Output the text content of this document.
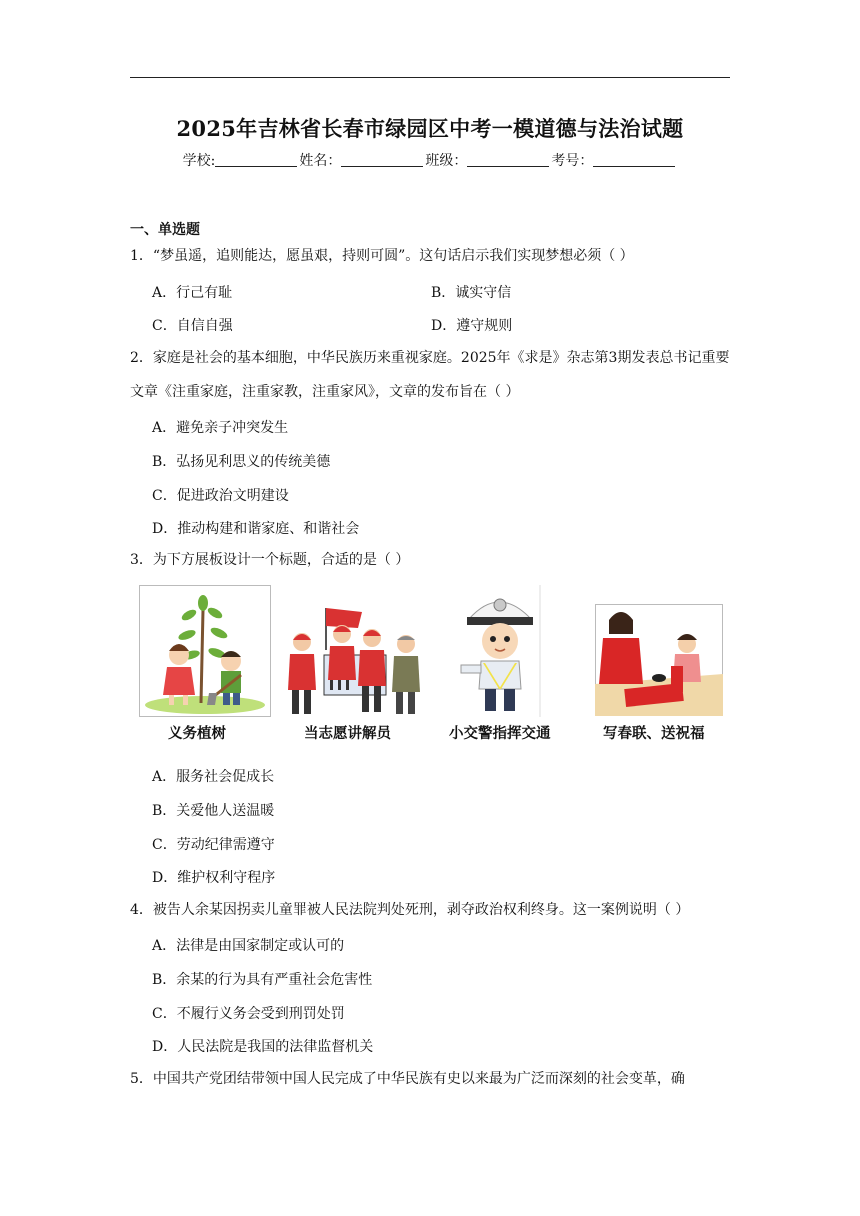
2025年吉林省长春市绿园区中考一模道德与法治试题
学校:	姓名：	班级：	考号：
一、单选题
1．“梦虽遥，追则能达，愿虽艰，持则可圆”。这句话启示我们实现梦想必须（ ）
A．行己有耻	B．诚实守信
C．自信自强	D．遵守规则
2．家庭是社会的基本细胞，中华民族历来重视家庭。2025年《求是》杂志第3期发表总书记重要文章《注重家庭，注重家教，注重家风》，文章的发布旨在（ ）
A．避免亲子冲突发生
B．弘扬见利思义的传统美德
C．促进政治文明建设
D．推动构建和谐家庭、和谐社会
3．为下方展板设计一个标题，合适的是（ ）
义务植树	当志愿讲解员	小交警指挥交通	写春联、送祝福
A．服务社会促成长
B．关爱他人送温暖
C．劳动纪律需遵守
D．维护权利守程序
4．被告人余某因拐卖儿童罪被人民法院判处死刑，剥夺政治权利终身。这一案例说明（ ）
A．法律是由国家制定或认可的
B．余某的行为具有严重社会危害性
C．不履行义务会受到刑罚处罚
D．人民法院是我国的法律监督机关
5．中国共产党团结带领中国人民完成了中华民族有史以来最为广泛而深刻的社会变革，确
